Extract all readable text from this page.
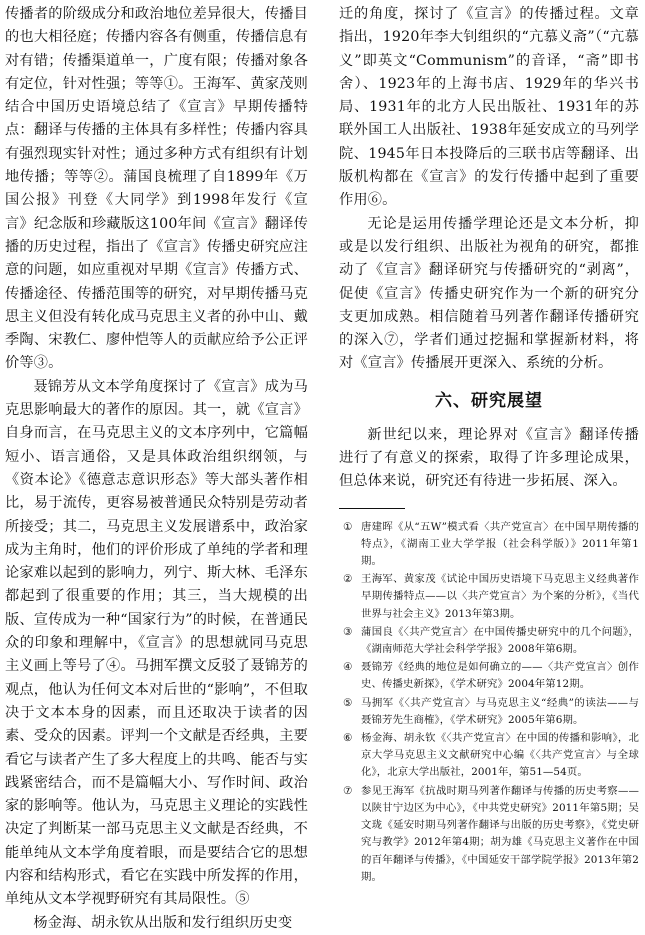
传播者的阶级成分和政治地位差异很大，传播目的也大相径庭；传播内容各有侧重，传播信息有对有错；传播渠道单一，广度有限；传播对象各有定位，针对性强；等等①。王海军、黄家茂则结合中国历史语境总结了《宣言》早期传播特点：翻译与传播的主体具有多样性；传播内容具有强烈现实针对性；通过多种方式有组织有计划地传播；等等②。蒲国良梳理了自1899年《万国公报》刊登《大同学》到1998年发行《宣言》纪念版和珍藏版这100年间《宣言》翻译传播的历史过程，指出了《宣言》传播史研究应注意的问题，如应重视对早期《宣言》传播方式、传播途径、传播范围等的研究，对早期传播马克思主义但没有转化成马克思主义者的孙中山、戴季陶、宋教仁、廖仲恺等人的贡献应给予公正评价等③。

聂锦芳从文本学角度探讨了《宣言》成为马克思影响最大的著作的原因。其一，就《宣言》自身而言，在马克思主义的文本序列中，它篇幅短小、语言通俗，又是具体政治组织纲领，与《资本论》《德意志意识形态》等大部头著作相比，易于流传，更容易被普通民众特别是劳动者所接受；其二，马克思主义发展谱系中，政治家成为主角时，他们的评价形成了单纯的学者和理论家难以起到的影响力，列宁、斯大林、毛泽东都起到了很重要的作用；其三，当大规模的出版、宣传成为一种“国家行为”的时候，在普通民众的印象和理解中，《宣言》的思想就同马克思主义画上等号了④。马拥军撰文反驳了聂锦芳的观点，他认为任何文本对后世的“影响”，不但取决于文本本身的因素，而且还取决于读者的因素、受众的因素。评判一个文献是否经典，主要看它与读者产生了多大程度上的共鸣、能否与实践紧密结合，而不是篇幅大小、写作时间、政治家的影响等。他认为，马克思主义理论的实践性决定了判断某一部马克思主义文献是否经典，不能单纯从文本学角度着眼，而是要结合它的思想内容和结构形式，看它在实践中所发挥的作用，单纯从文本学视野研究有其局限性。⑤

杨金海、胡永钦从出版和发行组织历史变

迁的角度，探讨了《宣言》的传播过程。文章指出，1920年李大钊组织的“亢慕义斋”（“亢慕义”即英文“Communism”的音译，“斋”即书舍）、1923年的上海书店、1929年的华兴书局、1931年的北方人民出版社、1931年的苏联外国工人出版社、1938年延安成立的马列学院、1945年日本投降后的三联书店等翻译、出版机构都在《宣言》的发行传播中起到了重要作用⑥。

无论是运用传播学理论还是文本分析，抑或是以发行组织、出版社为视角的研究，都推动了《宣言》翻译研究与传播研究的“剥离”，促使《宣言》传播史研究作为一个新的研究分支更加成熟。相信随着马列著作翻译传播研究的深入⑦，学者们通过挖掘和掌握新材料，将对《宣言》传播展开更深入、系统的分析。

六、研究展望

新世纪以来，理论界对《宣言》翻译传播进行了有意义的探索，取得了许多理论成果，但总体来说，研究还有待进一步拓展、深入。

① 唐建晖《从“五W”模式看〈共产党宣言〉在中国早期传播的特点》，《湖南工业大学学报（社会科学版）》2011年第1期。
② 王海军、黄家茂《试论中国历史语境下马克思主义经典著作早期传播特点——以〈共产党宣言〉为个案的分析》，《当代世界与社会主义》2013年第3期。
③ 蒲国良《〈共产党宣言〉在中国传播史研究中的几个问题》，《湖南师范大学社会科学学报》2008年第6期。
④ 聂锦芳《经典的地位是如何确立的——〈共产党宣言〉创作史、传播史新探》，《学术研究》2004年第12期。
⑤ 马拥军《〈共产党宣言〉与马克思主义“经典”的读法——与聂锦芳先生商榷》，《学术研究》2005年第6期。
⑥ 杨金海、胡永钦《〈共产党宣言〉在中国的传播和影响》，北京大学马克思主义文献研究中心编《〈共产党宣言〉与全球化》，北京大学出版社，2001年，第51—54页。
⑦ 参见王海军《抗战时期马列著作翻译与传播的历史考察——以陕甘宁边区为中心》，《中共党史研究》2011年第5期；吴文珑《延安时期马列著作翻译与出版的历史考察》，《党史研究与教学》2012年第4期；胡为雄《马克思主义著作在中国的百年翻译与传播》，《中国延安干部学院学报》2013年第2期。
